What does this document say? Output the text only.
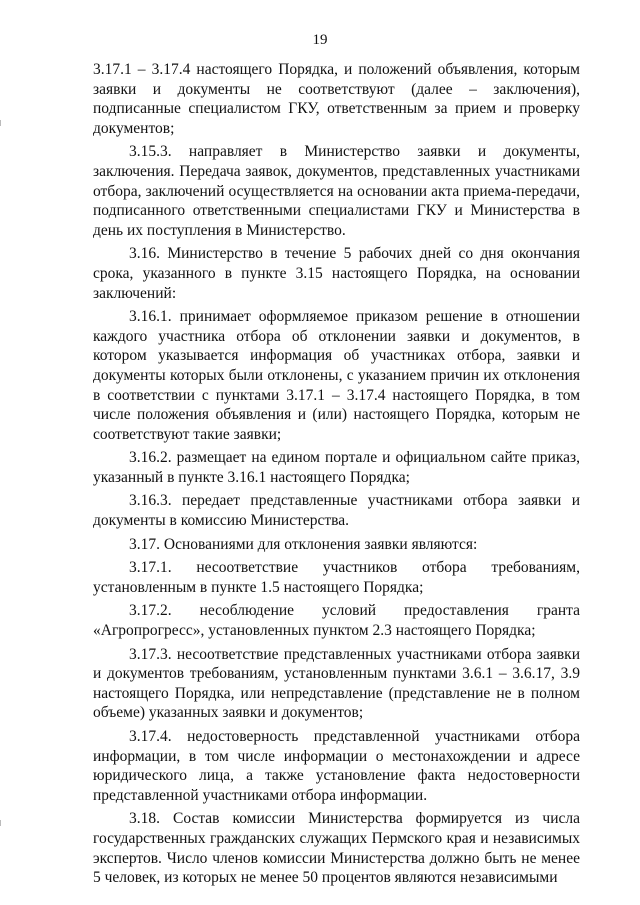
19

3.17.1 – 3.17.4 настоящего Порядка, и положений объявления, которым заявки и документы не соответствуют (далее – заключения), подписанные специалистом ГКУ, ответственным за прием и проверку документов;

3.15.3. направляет в Министерство заявки и документы, заключения. Передача заявок, документов, представленных участниками отбора, заключений осуществляется на основании акта приема-передачи, подписанного ответственными специалистами ГКУ и Министерства в день их поступления в Министерство.

3.16. Министерство в течение 5 рабочих дней со дня окончания срока, указанного в пункте 3.15 настоящего Порядка, на основании заключений:

3.16.1. принимает оформляемое приказом решение в отношении каждого участника отбора об отклонении заявки и документов, в котором указывается информация об участниках отбора, заявки и документы которых были отклонены, с указанием причин их отклонения в соответствии с пунктами 3.17.1 – 3.17.4 настоящего Порядка, в том числе положения объявления и (или) настоящего Порядка, которым не соответствуют такие заявки;

3.16.2. размещает на едином портале и официальном сайте приказ, указанный в пункте 3.16.1 настоящего Порядка;

3.16.3. передает представленные участниками отбора заявки и документы в комиссию Министерства.

3.17. Основаниями для отклонения заявки являются:

3.17.1. несоответствие участников отбора требованиям, установленным в пункте 1.5 настоящего Порядка;

3.17.2. несоблюдение условий предоставления гранта «Агропрогресс», установленных пунктом 2.3 настоящего Порядка;

3.17.3. несоответствие представленных участниками отбора заявки и документов требованиям, установленным пунктами 3.6.1 – 3.6.17, 3.9 настоящего Порядка, или непредставление (представление не в полном объеме) указанных заявки и документов;

3.17.4. недостоверность представленной участниками отбора информации, в том числе информации о местонахождении и адресе юридического лица, а также установление факта недостоверности представленной участниками отбора информации.

3.18. Состав комиссии Министерства формируется из числа государственных гражданских служащих Пермского края и независимых экспертов. Число членов комиссии Министерства должно быть не менее 5 человек, из которых не менее 50 процентов являются независимыми
